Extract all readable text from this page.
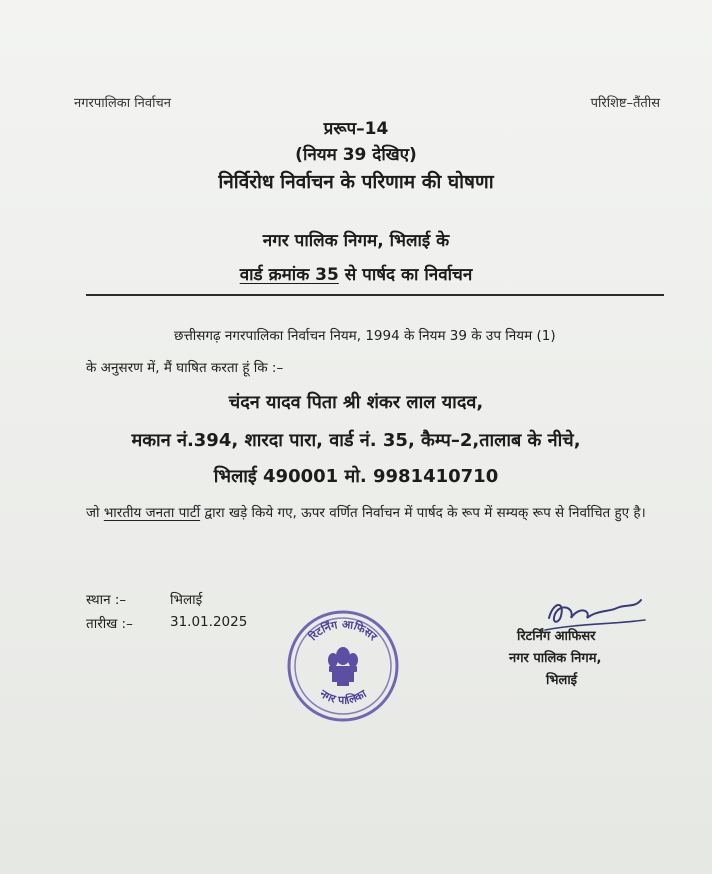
नगरपालिका निर्वाचन	परिशिष्ट–तैंतीस
प्ररूप–14
(नियम 39 देखिए)
निर्विरोध निर्वाचन के परिणाम की घोषणा
नगर पालिक निगम, भिलाई के
वार्ड क्रमांक 35 से पार्षद का निर्वाचन
छत्तीसगढ़ नगरपालिका निर्वाचन नियम, 1994 के नियम 39 के उप नियम (1)
के अनुसरण में, मैं घाषित करता हूं कि :–
चंदन यादव पिता श्री शंकर लाल यादव,
मकान नं.394, शारदा पारा, वार्ड नं. 35, कैम्प–2,तालाब के नीचे,
भिलाई 490001 मो. 9981410710
जो भारतीय जनता पार्टी द्वारा खड़े किये गए, ऊपर वर्णित निर्वाचन में पार्षद के रूप में सम्यक् रूप से निर्वाचित हुए है।
स्थान :–	भिलाई
तारीख :–	31.01.2025
रिटर्निंग आफिसर
नगर पालिका
रिटर्निंग आफिसर
नगर पालिक निगम,
भिलाई
